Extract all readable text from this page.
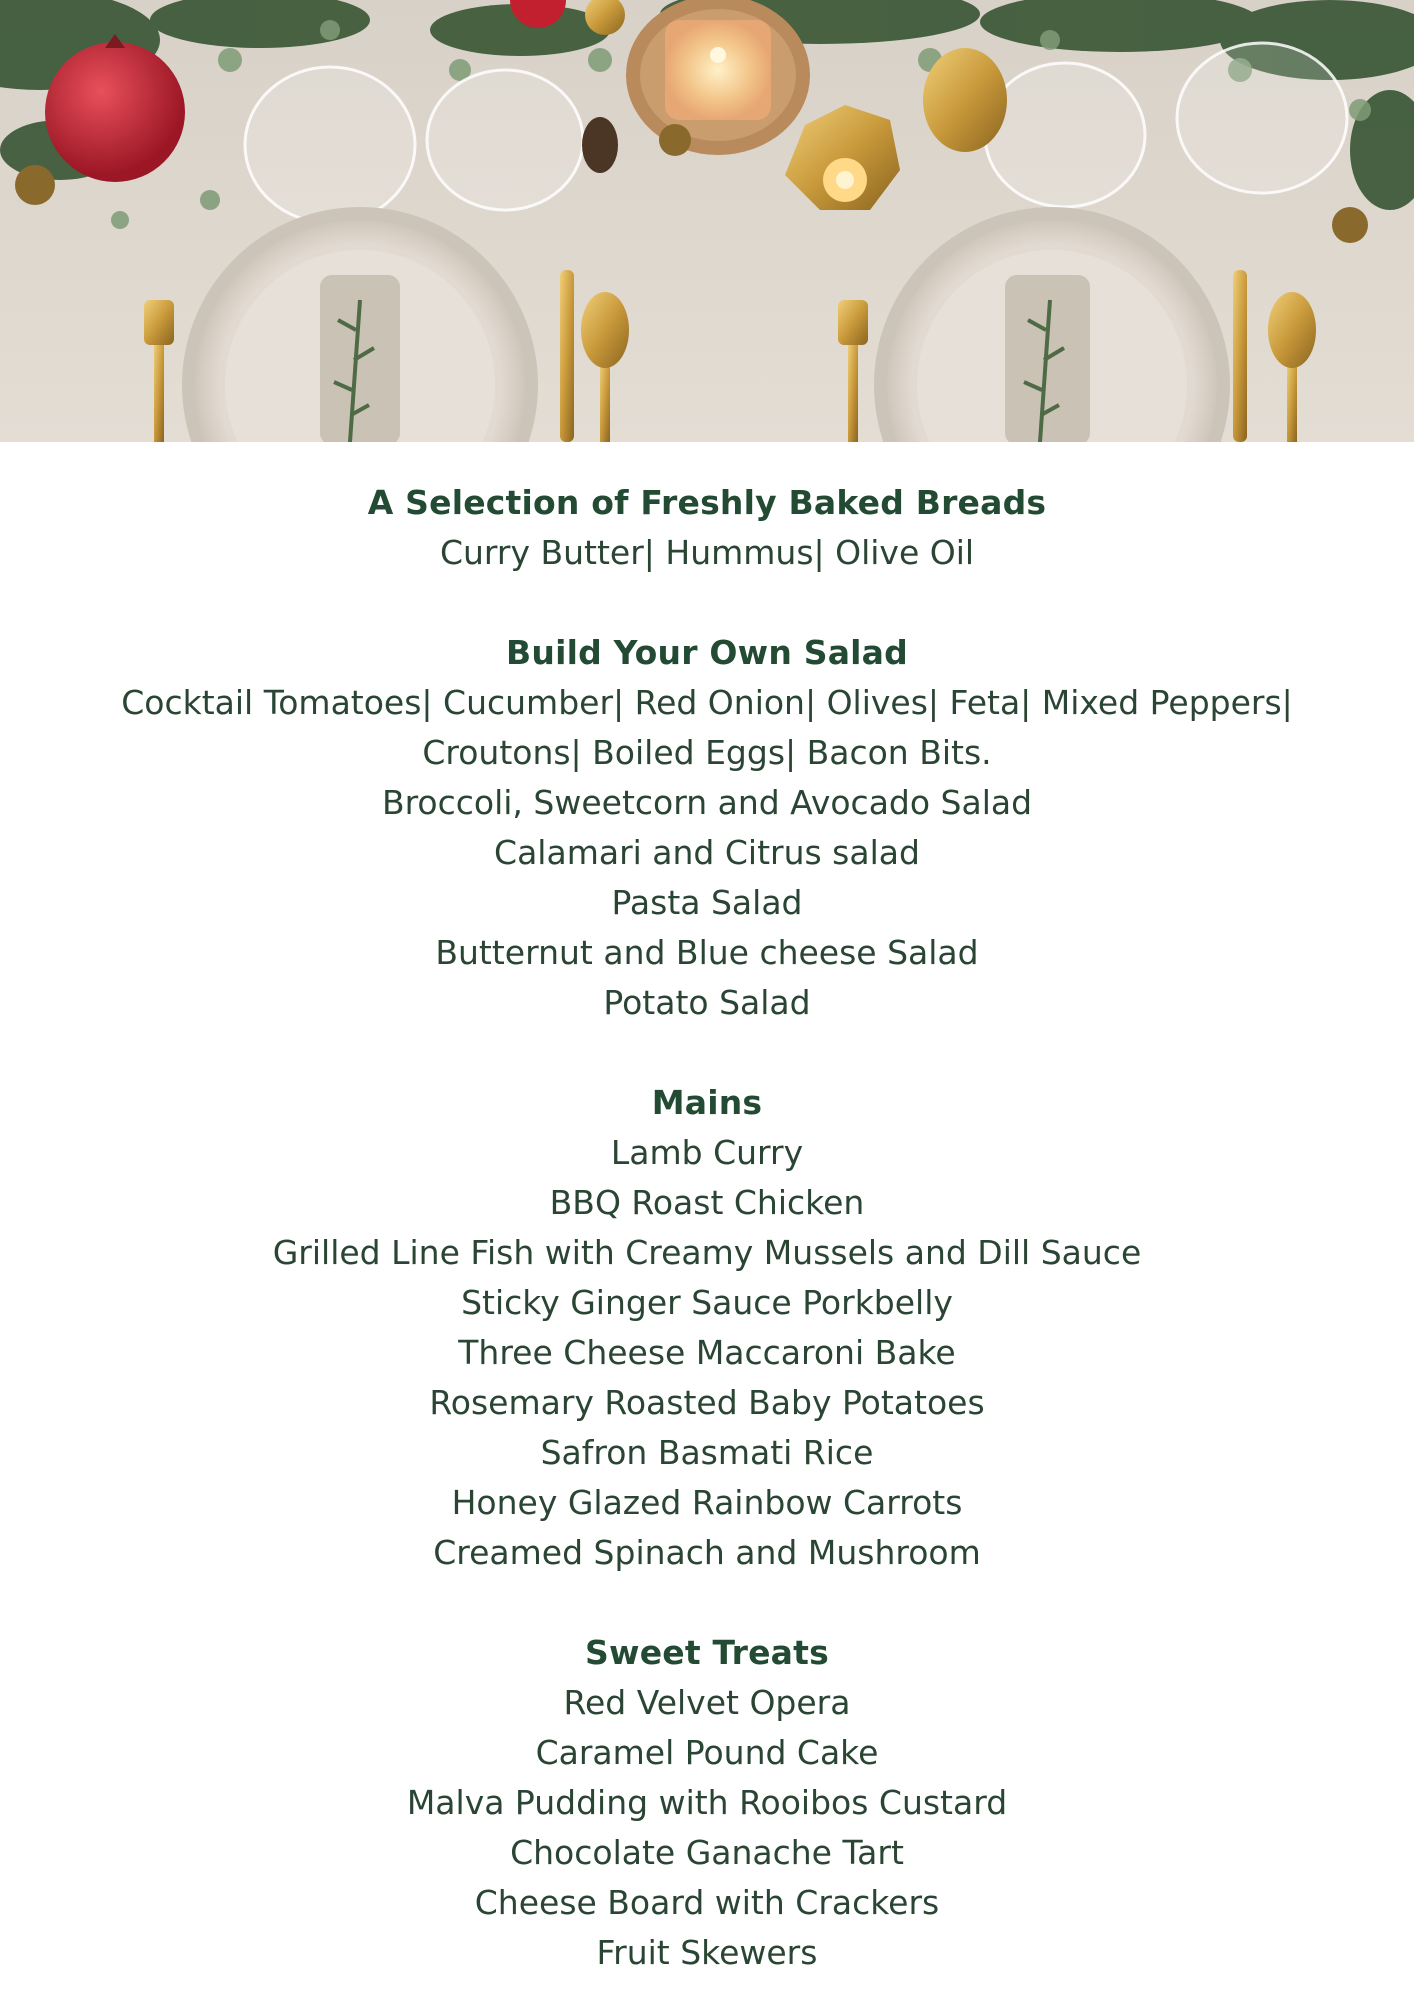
A Selection of Freshly Baked Breads
Curry Butter| Hummus| Olive Oil
Build Your Own Salad
Cocktail Tomatoes| Cucumber| Red Onion| Olives| Feta| Mixed Peppers|
Croutons| Boiled Eggs| Bacon Bits.
Broccoli, Sweetcorn and Avocado Salad
Calamari and Citrus salad
Pasta Salad
Butternut and Blue cheese Salad
Potato Salad
Mains
Lamb Curry
BBQ Roast Chicken
Grilled Line Fish with Creamy Mussels and Dill Sauce
Sticky Ginger Sauce Porkbelly
Three Cheese Maccaroni Bake
Rosemary Roasted Baby Potatoes
Safron Basmati Rice
Honey Glazed Rainbow Carrots
Creamed Spinach and Mushroom
Sweet Treats
Red Velvet Opera
Caramel Pound Cake
Malva Pudding with Rooibos Custard
Chocolate Ganache Tart
Cheese Board with Crackers
Fruit Skewers
